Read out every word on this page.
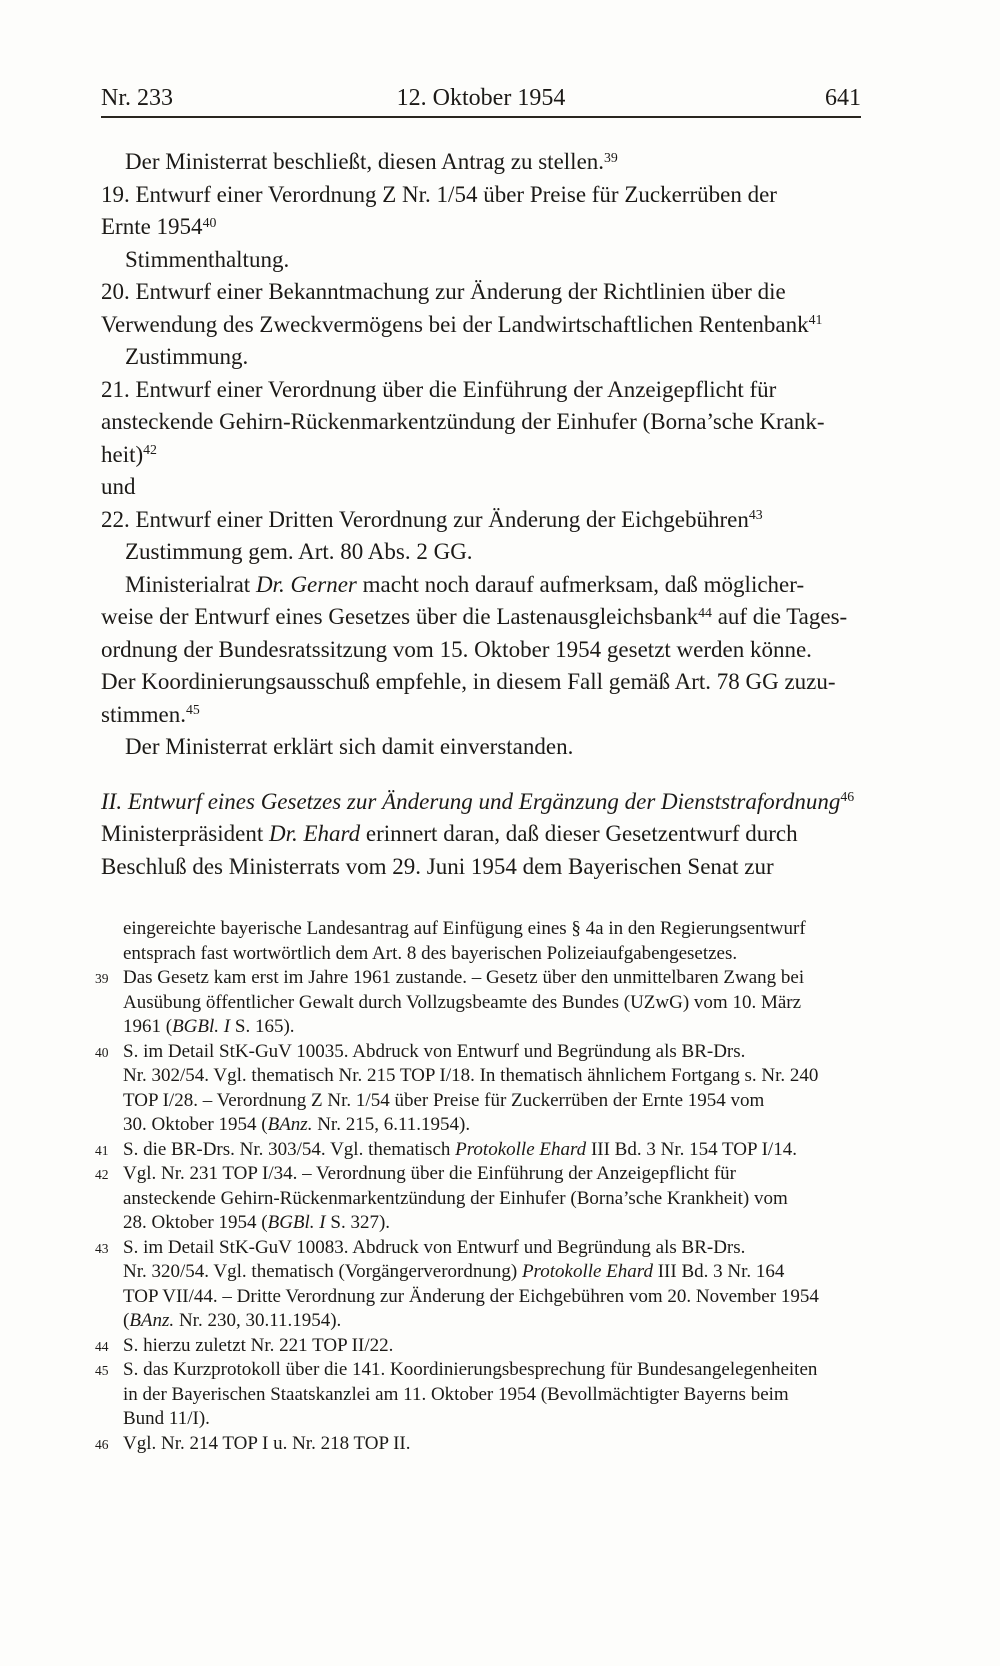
Nr. 233	12. Oktober 1954	641
Der Ministerrat beschließt, diesen Antrag zu stellen.$^{39}$
19. Entwurf einer Verordnung Z Nr. 1/54 über Preise für Zuckerrüben der
Ernte 1954$^{40}$
Stimmenthaltung.
20. Entwurf einer Bekanntmachung zur Änderung der Richtlinien über die
Verwendung des Zweckvermögens bei der Landwirtschaftlichen Rentenbank$^{41}$
Zustimmung.
21. Entwurf einer Verordnung über die Einführung der Anzeigepflicht für
ansteckende Gehirn-Rückenmarkentzündung der Einhufer (Borna’sche Krank-
heit)$^{42}$
und
22. Entwurf einer Dritten Verordnung zur Änderung der Eichgebühren$^{43}$
Zustimmung gem. Art. 80 Abs. 2 GG.
Ministerialrat Dr. Gerner macht noch darauf aufmerksam, daß möglicher-
weise der Entwurf eines Gesetzes über die Lastenausgleichsbank$^{44}$ auf die Tages-
ordnung der Bundesratssitzung vom 15. Oktober 1954 gesetzt werden könne.
Der Koordinierungsausschuß empfehle, in diesem Fall gemäß Art. 78 GG zuzu-
stimmen.$^{45}$
Der Ministerrat erklärt sich damit einverstanden.
II. Entwurf eines Gesetzes zur Änderung und Ergänzung der Dienststrafordnung$^{46}$
Ministerpräsident Dr. Ehard erinnert daran, daß dieser Gesetzentwurf durch
Beschluß des Ministerrats vom 29. Juni 1954 dem Bayerischen Senat zur
eingereichte bayerische Landesantrag auf Einfügung eines § 4a in den Regierungsentwurf
entsprach fast wortwörtlich dem Art. 8 des bayerischen Polizeiaufgabengesetzes.
39 Das Gesetz kam erst im Jahre 1961 zustande. – Gesetz über den unmittelbaren Zwang bei
Ausübung öffentlicher Gewalt durch Vollzugsbeamte des Bundes (UZwG) vom 10. März
1961 (BGBl. I S. 165).
40 S. im Detail StK-GuV 10035. Abdruck von Entwurf und Begründung als BR-Drs.
Nr. 302/54. Vgl. thematisch Nr. 215 TOP I/18. In thematisch ähnlichem Fortgang s. Nr. 240
TOP I/28. – Verordnung Z Nr. 1/54 über Preise für Zuckerrüben der Ernte 1954 vom
30. Oktober 1954 (BAnz. Nr. 215, 6.11.1954).
41 S. die BR-Drs. Nr. 303/54. Vgl. thematisch Protokolle Ehard III Bd. 3 Nr. 154 TOP I/14.
42 Vgl. Nr. 231 TOP I/34. – Verordnung über die Einführung der Anzeigepflicht für
ansteckende Gehirn-Rückenmarkentzündung der Einhufer (Borna’sche Krankheit) vom
28. Oktober 1954 (BGBl. I S. 327).
43 S. im Detail StK-GuV 10083. Abdruck von Entwurf und Begründung als BR-Drs.
Nr. 320/54. Vgl. thematisch (Vorgängerverordnung) Protokolle Ehard III Bd. 3 Nr. 164
TOP VII/44. – Dritte Verordnung zur Änderung der Eichgebühren vom 20. November 1954
(BAnz. Nr. 230, 30.11.1954).
44 S. hierzu zuletzt Nr. 221 TOP II/22.
45 S. das Kurzprotokoll über die 141. Koordinierungsbesprechung für Bundesangelegenheiten
in der Bayerischen Staatskanzlei am 11. Oktober 1954 (Bevollmächtigter Bayerns beim
Bund 11/I).
46 Vgl. Nr. 214 TOP I u. Nr. 218 TOP II.
